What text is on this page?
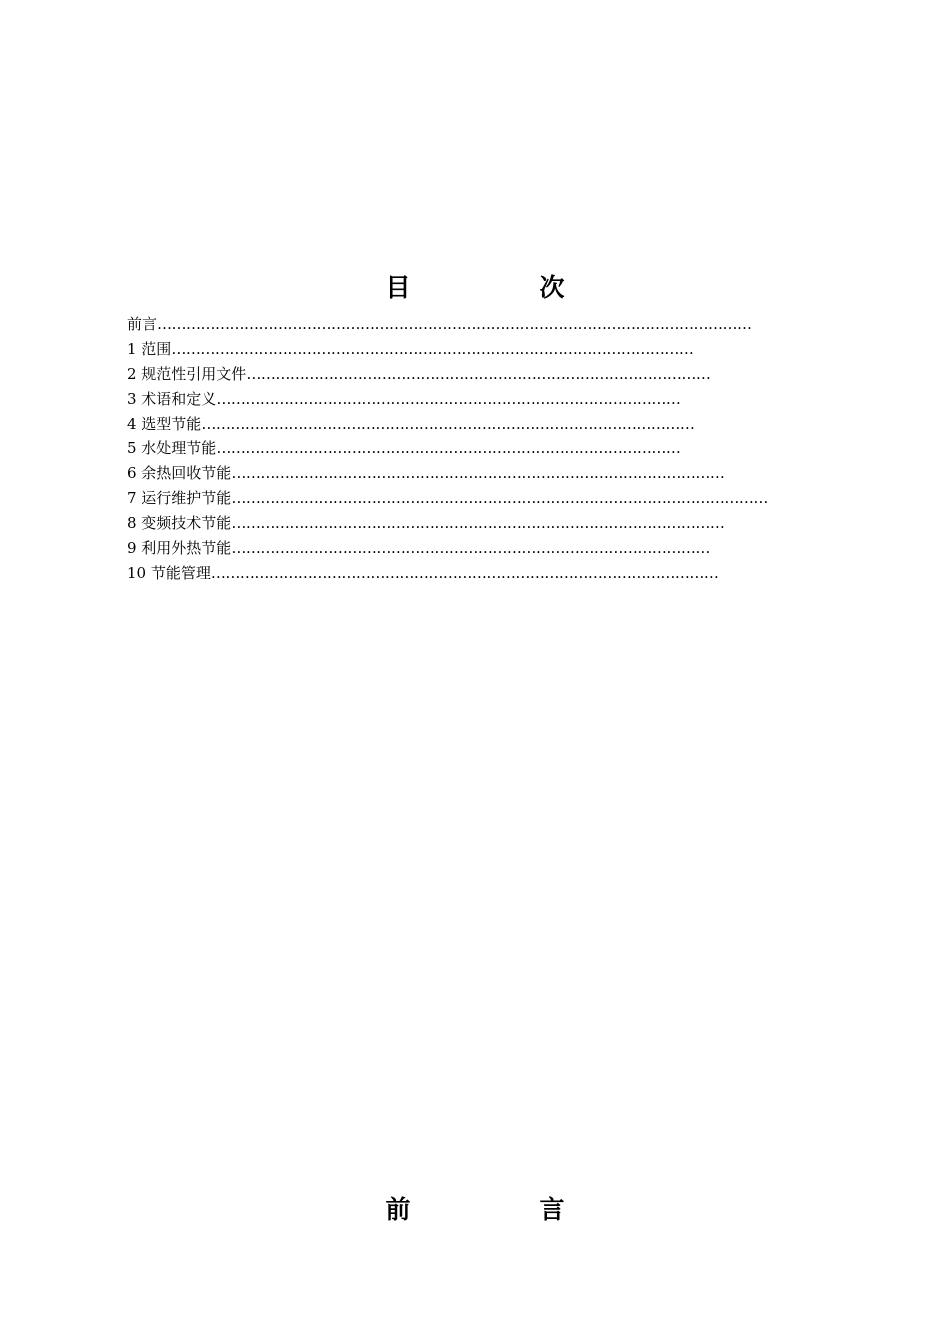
目　次
前言……………………………………………………………………………………………………………
1 范围………………………………………………………………………………………………
2 规范性引用文件……………………………………………………………………………………
3 术语和定义……………………………………………………………………………………
4 选型节能…………………………………………………………………………………………
5 水处理节能……………………………………………………………………………………
6 余热回收节能…………………………………………………………………………………………
7 运行维护节能…………………………………………………………………………………………………
8 变频技术节能…………………………………………………………………………………………
9 利用外热节能………………………………………………………………………………………
10 节能管理……………………………………………………………………………………………
前　言
